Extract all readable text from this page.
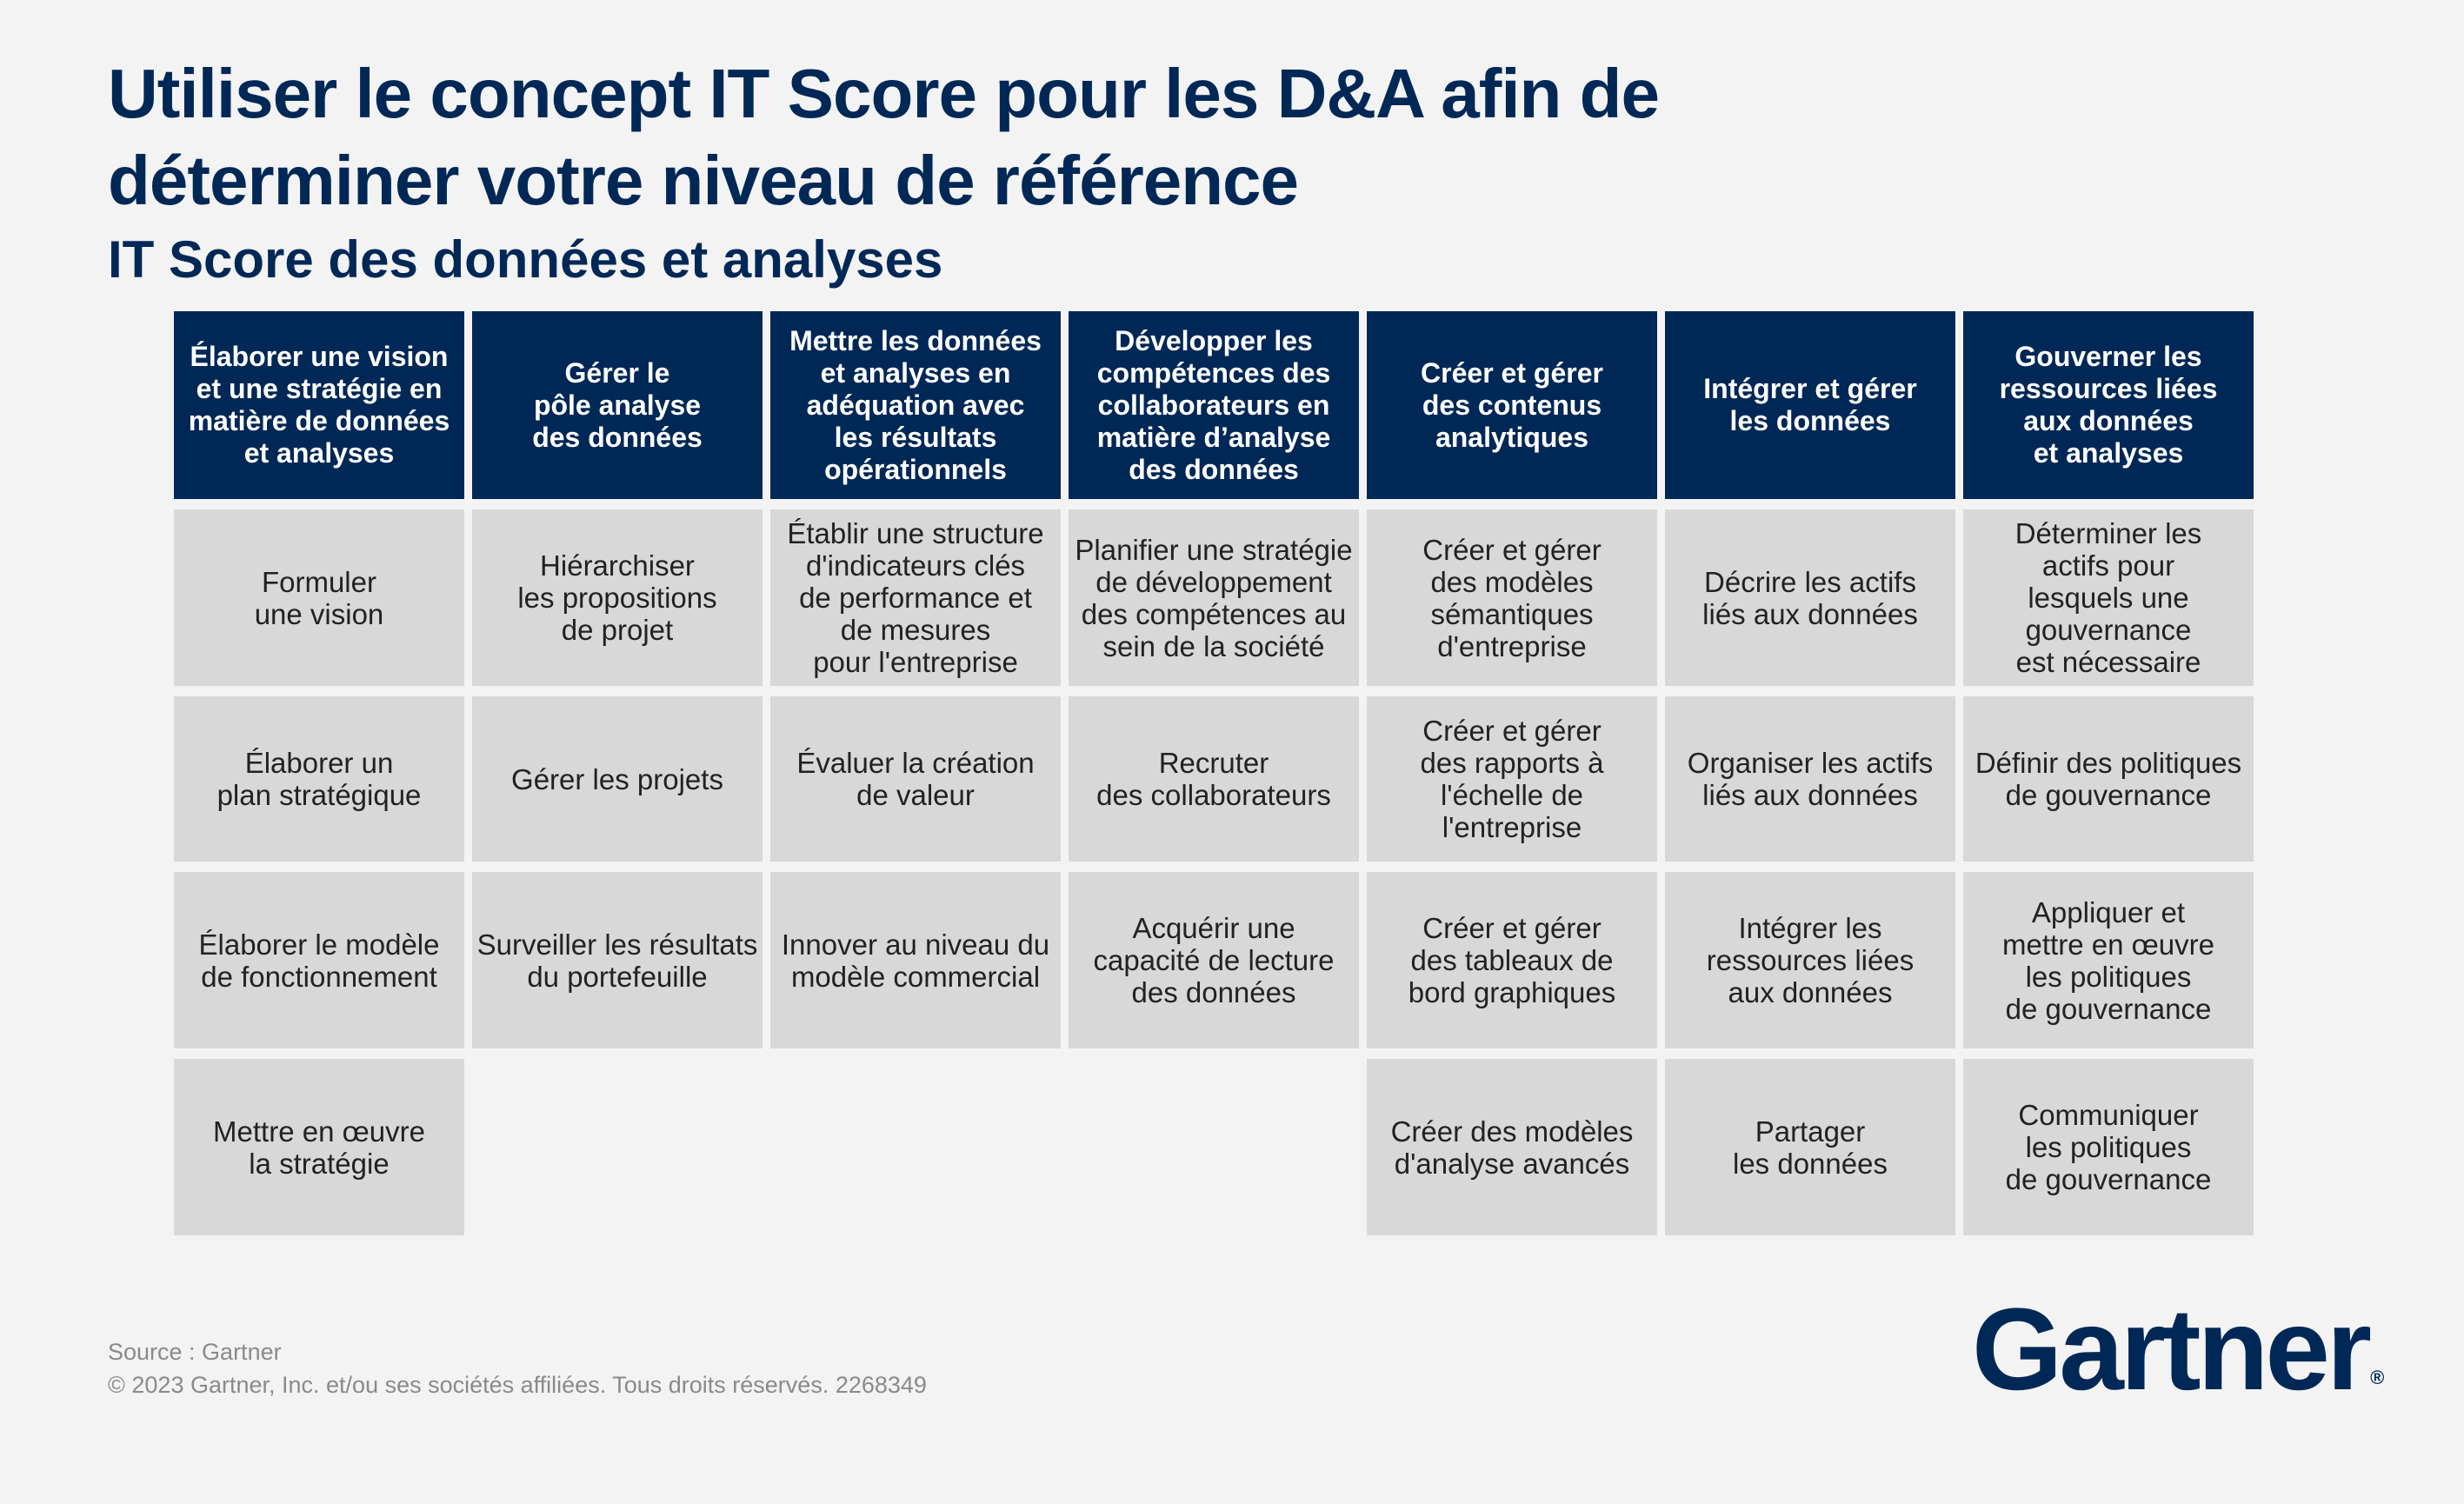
Utiliser le concept IT Score pour les D&A afin de
déterminer votre niveau de référence
IT Score des données et analyses
Élaborer une vision
et une stratégie en
matière de données
et analyses
Formuler
une vision
Élaborer un
plan stratégique
Élaborer le modèle
de fonctionnement
Mettre en œuvre
la stratégie
Gérer le
pôle analyse
des données
Hiérarchiser
les propositions
de projet
Gérer les projets
Surveiller les résultats
du portefeuille
Mettre les données
et analyses en
adéquation avec
les résultats
opérationnels
Établir une structure
d'indicateurs clés
de performance et
de mesures
pour l'entreprise
Évaluer la création
de valeur
Innover au niveau du
modèle commercial
Développer les
compétences des
collaborateurs en
matière d’analyse
des données
Planifier une stratégie
de développement
des compétences au
sein de la société
Recruter
des collaborateurs
Acquérir une
capacité de lecture
des données
Créer et gérer
des contenus
analytiques
Créer et gérer
des modèles
sémantiques
d'entreprise
Créer et gérer
des rapports à
l'échelle de
l'entreprise
Créer et gérer
des tableaux de
bord graphiques
Créer des modèles
d'analyse avancés
Intégrer et gérer
les données
Décrire les actifs
liés aux données
Organiser les actifs
liés aux données
Intégrer les
ressources liées
aux données
Partager
les données
Gouverner les
ressources liées
aux données
et analyses
Déterminer les
actifs pour
lesquels une
gouvernance
est nécessaire
Définir des politiques
de gouvernance
Appliquer et
mettre en œuvre
les politiques
de gouvernance
Communiquer
les politiques
de gouvernance
Source : Gartner
© 2023 Gartner, Inc. et/ou ses sociétés affiliées. Tous droits réservés. 2268349	Gartner ®
